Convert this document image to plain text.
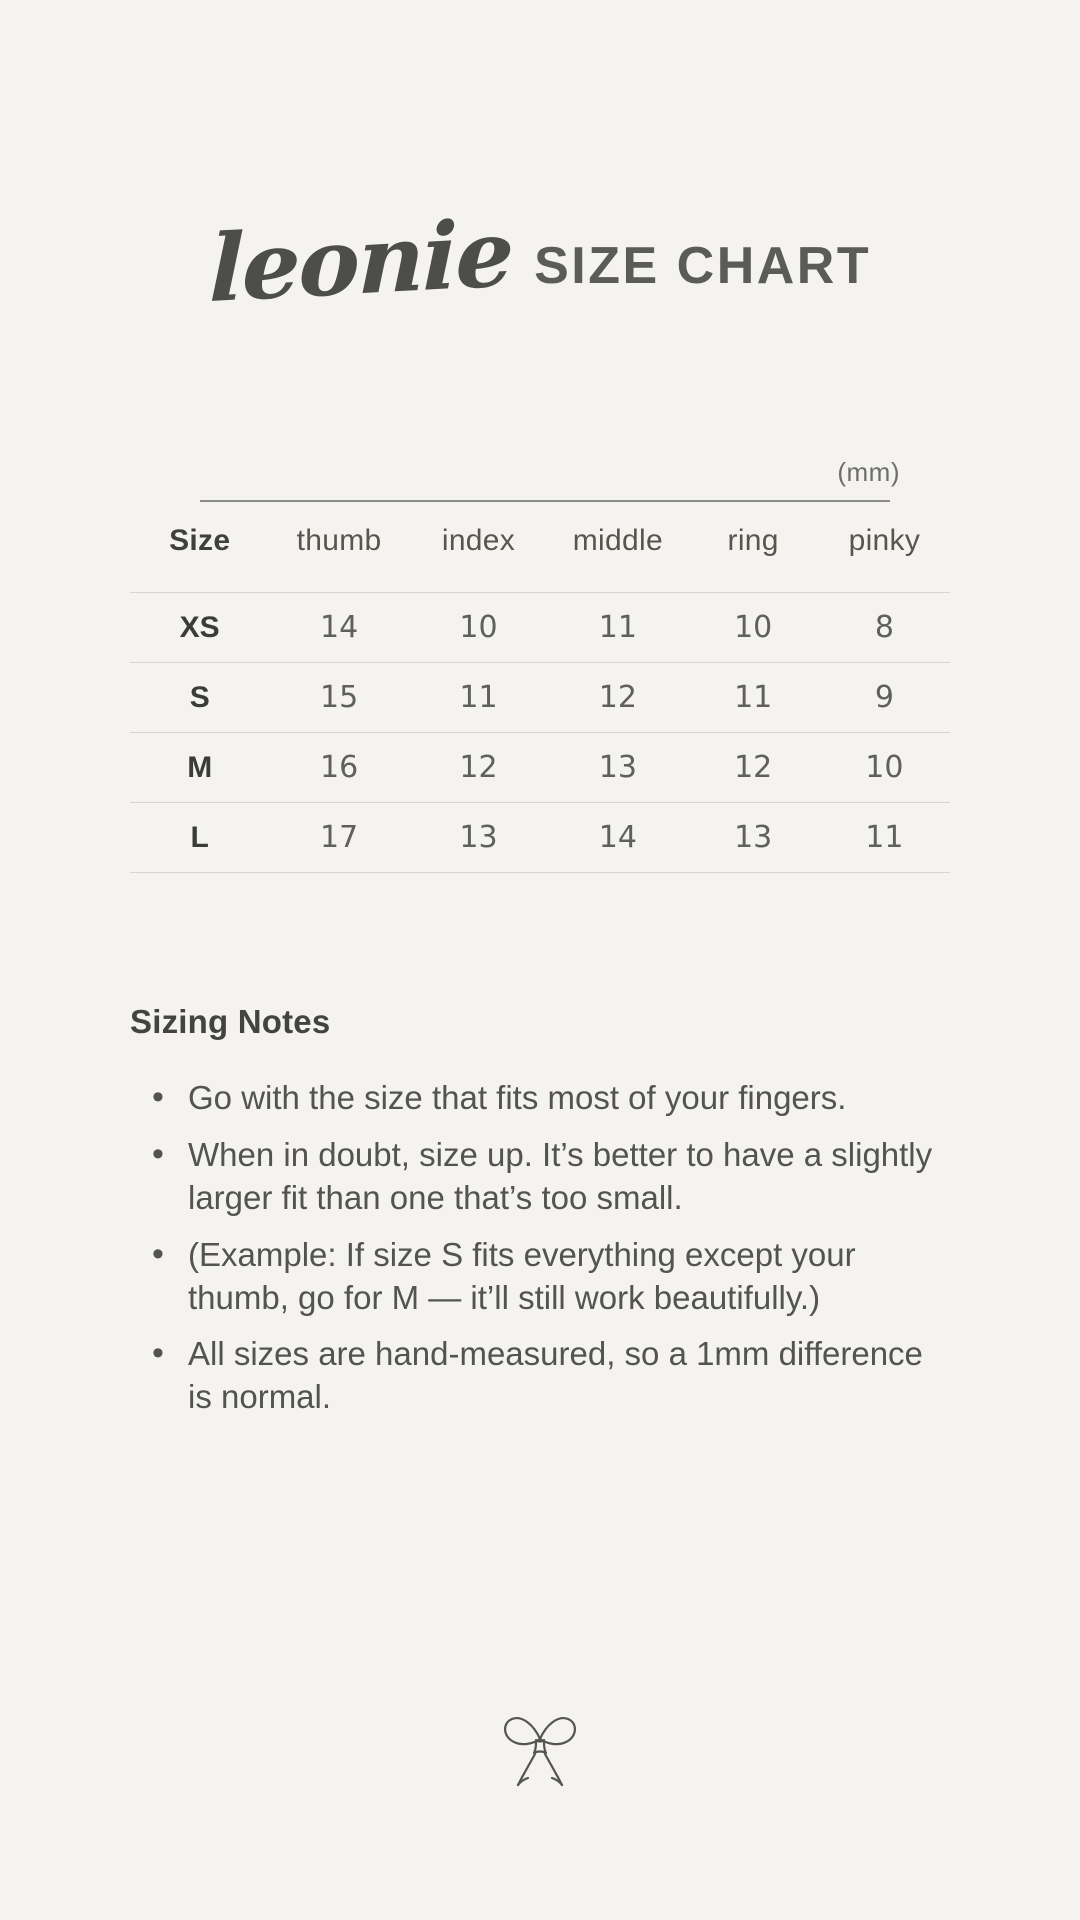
leonie SIZE CHART
(mm)
Size	thumb	index	middle	ring	pinky
XS	14	10	11	10	8
S	15	11	12	11	9
M	16	12	13	12	10
L	17	13	14	13	11
Sizing Notes
• Go with the size that fits most of your fingers.
• When in doubt, size up. It’s better to have a slightly larger fit than one that’s too small.
• (Example: If size S fits everything except your thumb, go for M — it’ll still work beautifully.)
• All sizes are hand-measured, so a 1mm difference is normal.
